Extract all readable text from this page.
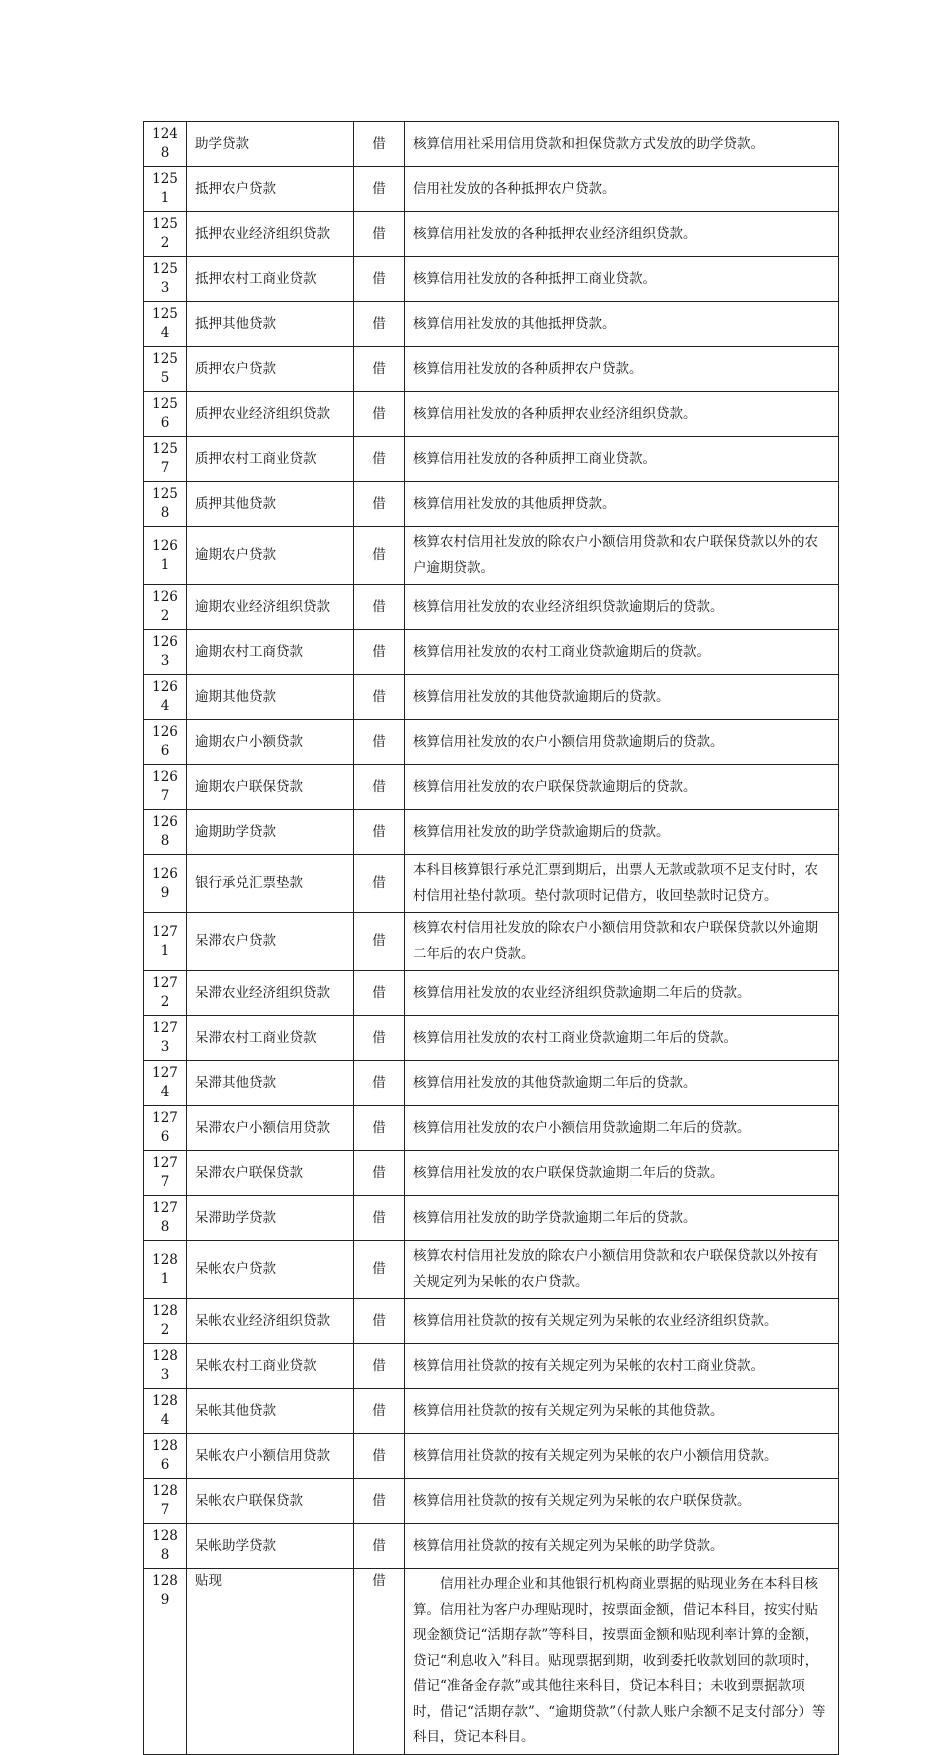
1248	助学贷款	借	核算信用社采用信用贷款和担保贷款方式发放的助学贷款。
1251	抵押农户贷款	借	信用社发放的各种抵押农户贷款。
1252	抵押农业经济组织贷款	借	核算信用社发放的各种抵押农业经济组织贷款。
1253	抵押农村工商业贷款	借	核算信用社发放的各种抵押工商业贷款。
1254	抵押其他贷款	借	核算信用社发放的其他抵押贷款。
1255	质押农户贷款	借	核算信用社发放的各种质押农户贷款。
1256	质押农业经济组织贷款	借	核算信用社发放的各种质押农业经济组织贷款。
1257	质押农村工商业贷款	借	核算信用社发放的各种质押工商业贷款。
1258	质押其他贷款	借	核算信用社发放的其他质押贷款。
1261	逾期农户贷款	借	核算农村信用社发放的除农户小额信用贷款和农户联保贷款以外的农户逾期贷款。
1262	逾期农业经济组织贷款	借	核算信用社发放的农业经济组织贷款逾期后的贷款。
1263	逾期农村工商贷款	借	核算信用社发放的农村工商业贷款逾期后的贷款。
1264	逾期其他贷款	借	核算信用社发放的其他贷款逾期后的贷款。
1266	逾期农户小额贷款	借	核算信用社发放的农户小额信用贷款逾期后的贷款。
1267	逾期农户联保贷款	借	核算信用社发放的农户联保贷款逾期后的贷款。
1268	逾期助学贷款	借	核算信用社发放的助学贷款逾期后的贷款。
1269	银行承兑汇票垫款	借	本科目核算银行承兑汇票到期后，出票人无款或款项不足支付时，农村信用社垫付款项。垫付款项时记借方，收回垫款时记贷方。
1271	呆滞农户贷款	借	核算农村信用社发放的除农户小额信用贷款和农户联保贷款以外逾期二年后的农户贷款。
1272	呆滞农业经济组织贷款	借	核算信用社发放的农业经济组织贷款逾期二年后的贷款。
1273	呆滞农村工商业贷款	借	核算信用社发放的农村工商业贷款逾期二年后的贷款。
1274	呆滞其他贷款	借	核算信用社发放的其他贷款逾期二年后的贷款。
1276	呆滞农户小额信用贷款	借	核算信用社发放的农户小额信用贷款逾期二年后的贷款。
1277	呆滞农户联保贷款	借	核算信用社发放的农户联保贷款逾期二年后的贷款。
1278	呆滞助学贷款	借	核算信用社发放的助学贷款逾期二年后的贷款。
1281	呆帐农户贷款	借	核算农村信用社发放的除农户小额信用贷款和农户联保贷款以外按有关规定列为呆帐的农户贷款。
1282	呆帐农业经济组织贷款	借	核算信用社贷款的按有关规定列为呆帐的农业经济组织贷款。
1283	呆帐农村工商业贷款	借	核算信用社贷款的按有关规定列为呆帐的农村工商业贷款。
1284	呆帐其他贷款	借	核算信用社贷款的按有关规定列为呆帐的其他贷款。
1286	呆帐农户小额信用贷款	借	核算信用社贷款的按有关规定列为呆帐的农户小额信用贷款。
1287	呆帐农户联保贷款	借	核算信用社贷款的按有关规定列为呆帐的农户联保贷款。
1288	呆帐助学贷款	借	核算信用社贷款的按有关规定列为呆帐的助学贷款。
1289	贴现	借	信用社办理企业和其他银行机构商业票据的贴现业务在本科目核算。信用社为客户办理贴现时，按票面金额，借记本科目，按实付贴现金额贷记“活期存款”等科目，按票面金额和贴现利率计算的金额，贷记“利息收入”科目。贴现票据到期，收到委托收款划回的款项时，借记“准备金存款”或其他往来科目，贷记本科目；未收到票据款项时，借记“活期存款”、“逾期贷款”（付款人账户余额不足支付部分）等科目，贷记本科目。
